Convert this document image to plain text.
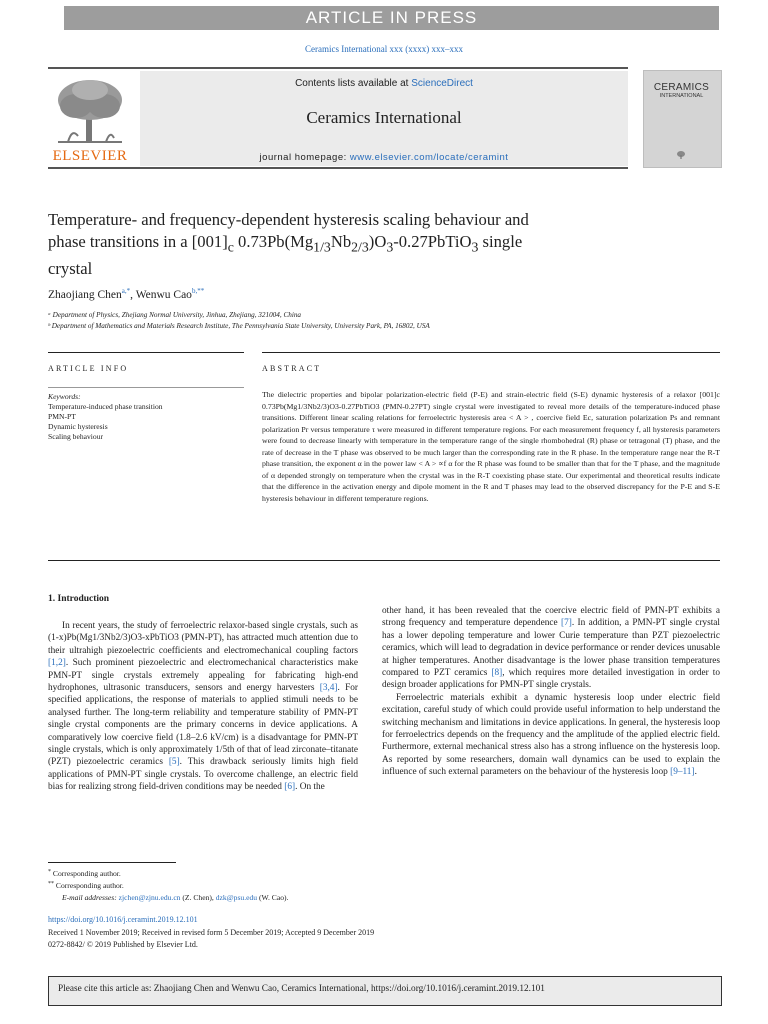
ARTICLE IN PRESS
Ceramics International xxx (xxxx) xxx–xxx
ELSEVIER
Contents lists available at ScienceDirect
Ceramics International
journal homepage: www.elsevier.com/locate/ceramint
CERAMICS
INTERNATIONAL
Temperature- and frequency-dependent hysteresis scaling behaviour and
phase transitions in a $[001]_c$ $0.73Pb(Mg_{1/3}Nb_{2/3})O_3-0.27PbTiO_3$ single
crystal
Zhaojiang Chen$^{a,*}$, Wenwu Cao$^{b,**}$
ᵃ Department of Physics, Zhejiang Normal University, Jinhua, Zhejiang, 321004, China
ᵇ Department of Mathematics and Materials Research Institute, The Pennsylvania State University, University Park, PA, 16802, USA
ARTICLE INFO	ABSTRACT
Keywords:
Temperature-induced phase transition
PMN-PT
Dynamic hysteresis
Scaling behaviour
The dielectric properties and bipolar polarization-electric field (P-E) and strain-electric field (S-E) dynamic hysteresis of a relaxor [001]c 0.73Pb(Mg1/3Nb2/3)O3-0.27PbTiO3 (PMN-0.27PT) single crystal were investigated to reveal more details of the temperature-induced phase transitions. Different linear scaling relations for ferroelectric hysteresis area < A > , coercive field Ec, saturation polarization Ps and remnant polarization Pr versus temperature τ were measured in different temperature regions. For each measurement frequency f, all hysteresis parameters were found to decrease linearly with temperature in the temperature range of the single rhombohedral (R) phase or tetragonal (T) phase, and the rate of decrease in the T phase was observed to be much larger than the corresponding rate in the R phase. In the temperature range near the R-T phase transition, the exponent α in the power law < A > ∝f α for the R phase was found to be smaller than that for the T phase, and the magnitude of α depended strongly on temperature when the crystal was in the R-T coexisting phase state. Our experimental and theoretical results indicate that the difference in the activation energy and dipole moment in the R and T phases may lead to the observed discrepancy for the P-E and S-E hysteresis behaviour in different temperature regions.
1. Introduction

In recent years, the study of ferroelectric relaxor-based single crystals, such as (1-x)Pb(Mg1/3Nb2/3)O3-xPbTiO3 (PMN-PT), has attracted much attention due to their ultrahigh piezoelectric coefficients and electromechanical coupling factors [1,2]. Such prominent piezoelectric and electromechanical characteristics make PMN-PT single crystals extremely appealing for fabricating high-end hydrophones, ultrasonic transducers, sensors and energy harvesters [3,4]. For specified applications, the response of materials to applied stimuli needs to be analysed further. The long-term reliability and temperature stability of PMN-PT single crystal components are the primary concerns in device applications. A comparatively low coercive field (1.8–2.6 kV/cm) is a disadvantage for PMN-PT single crystals, which is only approximately 1/5th of that of lead zirconate–titanate (PZT) piezoelectric ceramics [5]. This drawback seriously limits high field applications of PMN-PT single crystals. To overcome challenge, an electric field bias for realizing strong field-driven conditions may be needed [6]. On the

other hand, it has been revealed that the coercive electric field of PMN-PT exhibits a strong frequency and temperature dependence [7]. In addition, a PMN-PT single crystal has a lower depoling temperature and lower Curie temperature than PZT piezoelectric ceramics, which will lead to degradation in device performance or render devices unusable at higher temperatures. Another disadvantage is the lower phase transition temperatures compared to PZT ceramics [8], which requires more detailed investigation in order to design broader applications for PMN-PT single crystals.

Ferroelectric materials exhibit a dynamic hysteresis loop under electric field excitation, careful study of which could provide useful information to help understand the switching mechanism and limitations in device applications. In general, the hysteresis loop for ferroelectrics depends on the frequency and the amplitude of the applied electric field. Furthermore, external mechanical stress also has a strong influence on the hysteresis loop. As reported by some researchers, domain wall dynamics can be used to explain the influence of such external parameters on the behaviour of the hysteresis loop [9–11].

* Corresponding author.
** Corresponding author.
E-mail addresses: zjchen@zjnu.edu.cn (Z. Chen), dzk@psu.edu (W. Cao).
https://doi.org/10.1016/j.ceramint.2019.12.101
Received 1 November 2019; Received in revised form 5 December 2019; Accepted 9 December 2019
0272-8842/ © 2019 Published by Elsevier Ltd.
Please cite this article as: Zhaojiang Chen and Wenwu Cao, Ceramics International, https://doi.org/10.1016/j.ceramint.2019.12.101
